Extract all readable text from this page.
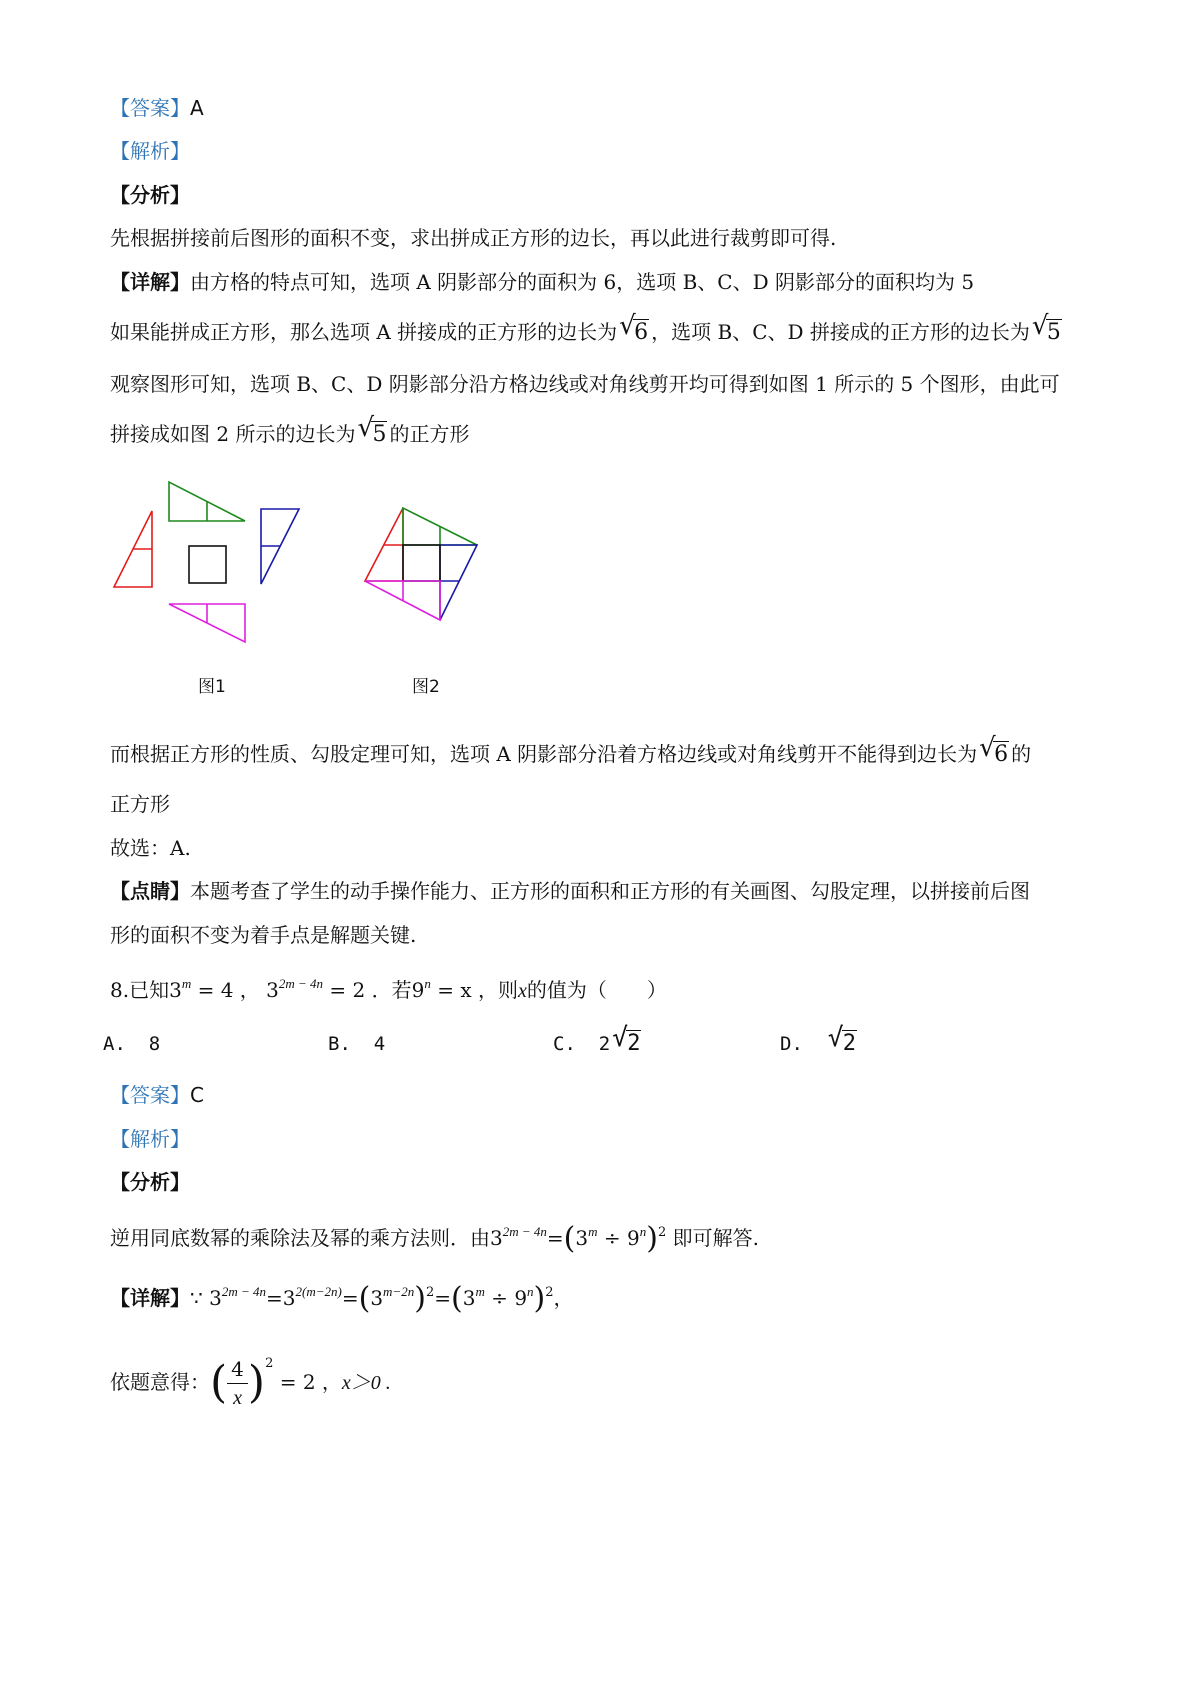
【答案】A
【解析】
【分析】
先根据拼接前后图形的面积不变，求出拼成正方形的边长，再以此进行裁剪即可得.
【详解】由方格的特点可知，选项 A 阴影部分的面积为 6，选项 B、C、D 阴影部分的面积均为 5
如果能拼成正方形，那么选项 A 拼接成的正方形的边长为 √
6 ，选项 B、C、D 拼接成的正方形的边长为 √
5
观察图形可知，选项 B、C、D 阴影部分沿方格边线或对角线剪开均可得到如图 1 所示的 5 个图形，由此可
拼接成如图 2 所示的边长为 √
5 的正方形
图1	图2
而根据正方形的性质、勾股定理可知，选项 A 阴影部分沿着方格边线或对角线剪开不能得到边长为 √
6 的
正方形
故选：A.
【点睛】本题考查了学生的动手操作能力、正方形的面积和正方形的有关画图、勾股定理，以拼接前后图
形的面积不变为着手点是解题关键.
8.已知$3^m = 4$ ， $3^{2m - 4n} = 2$ ．若$9^n = x$ ，则x的值为（　　）
A. 8	B. 4	C. 2 √ 2	D. √ 2
【答案】C
【解析】
【分析】
逆用同底数幂的乘除法及幂的乘方法则．由$3^{2m - 4n}=(3^m \div 9^n)^2$ 即可解答.
【详解】∵ $3^{2m - 4n}=3^{2(m-2n)}=(3^{m-2n})^2=(3^m \div 9^n)^2$，
依题意得：( $\frac{4}{x} )^2 = 2$ ，x＞0 .
